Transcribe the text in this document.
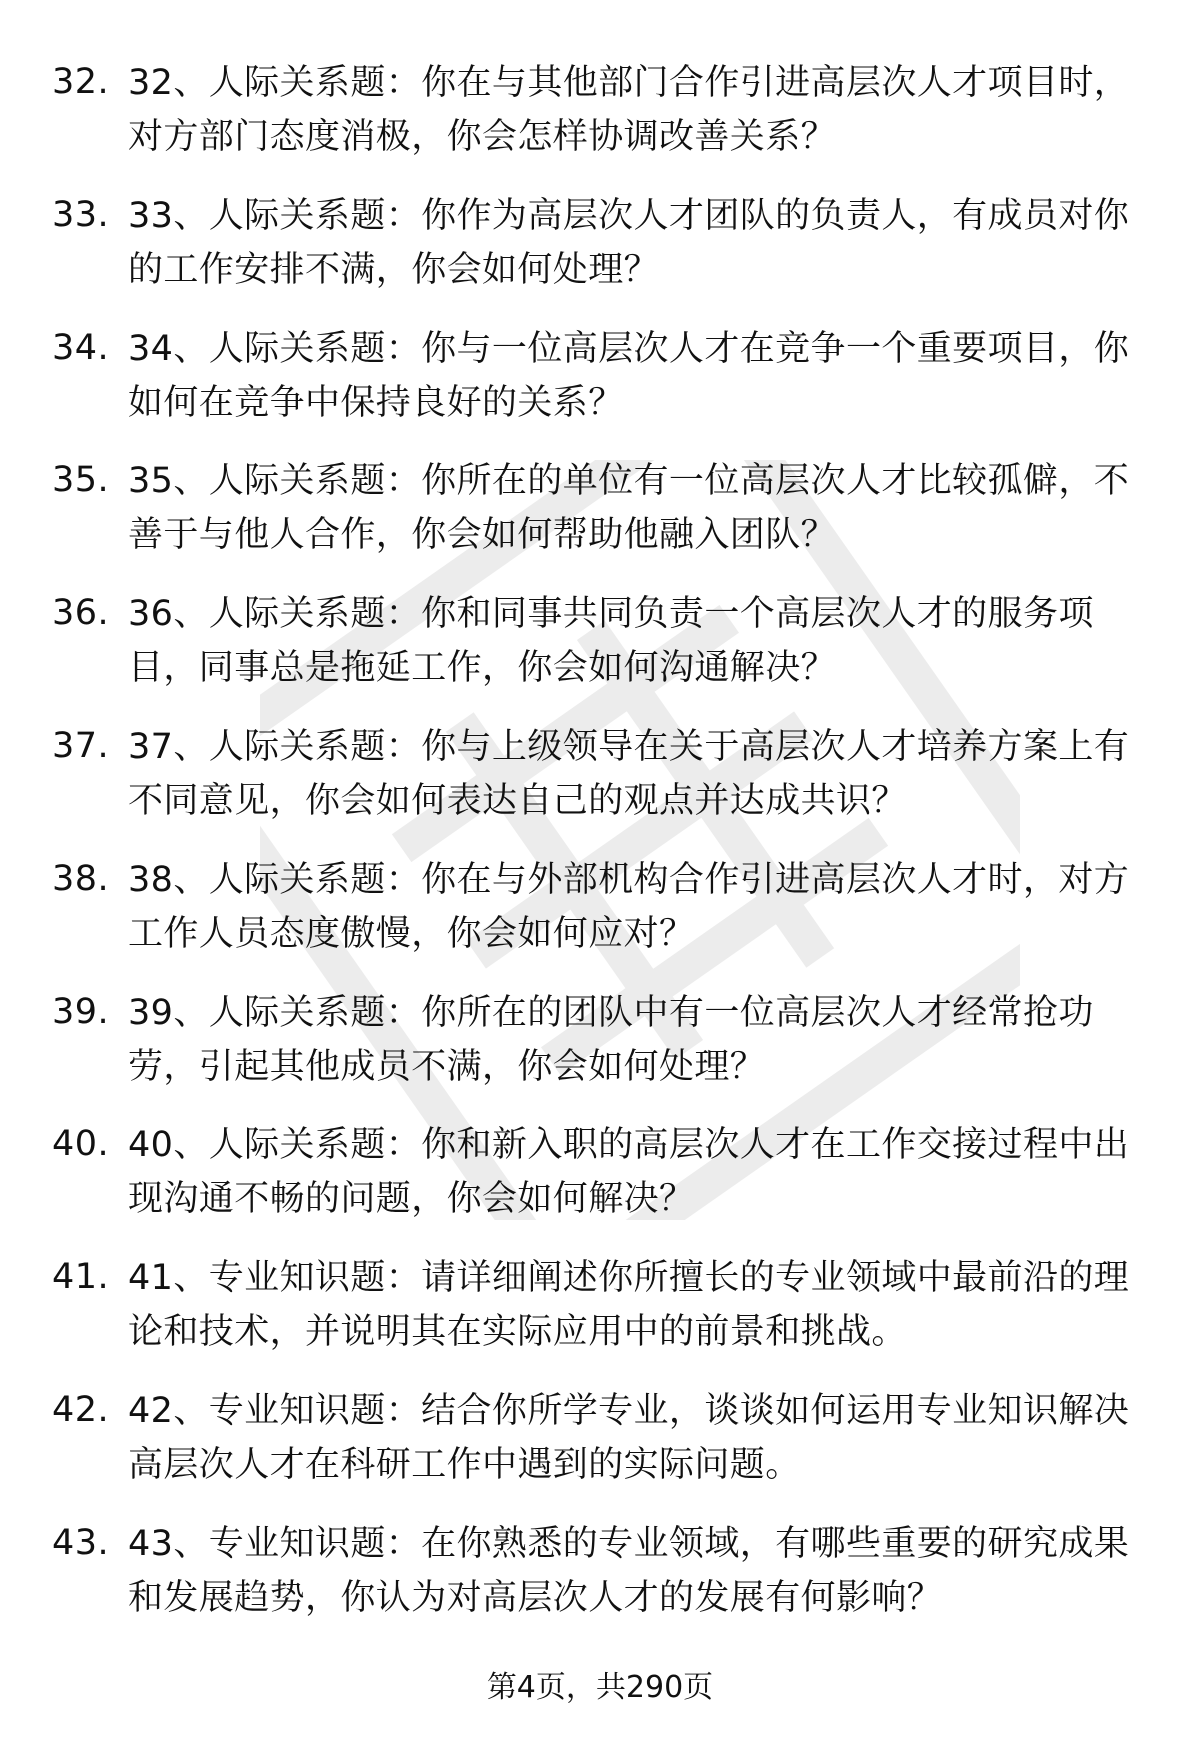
32. 32、人际关系题：你在与其他部门合作引进高层次人才项目时，对方部门态度消极，你会怎样协调改善关系？
33. 33、人际关系题：你作为高层次人才团队的负责人，有成员对你的工作安排不满，你会如何处理？
34. 34、人际关系题：你与一位高层次人才在竞争一个重要项目，你如何在竞争中保持良好的关系？
35. 35、人际关系题：你所在的单位有一位高层次人才比较孤僻，不善于与他人合作，你会如何帮助他融入团队？
36. 36、人际关系题：你和同事共同负责一个高层次人才的服务项目，同事总是拖延工作，你会如何沟通解决？
37. 37、人际关系题：你与上级领导在关于高层次人才培养方案上有不同意见，你会如何表达自己的观点并达成共识？
38. 38、人际关系题：你在与外部机构合作引进高层次人才时，对方工作人员态度傲慢，你会如何应对？
39. 39、人际关系题：你所在的团队中有一位高层次人才经常抢功劳，引起其他成员不满，你会如何处理？
40. 40、人际关系题：你和新入职的高层次人才在工作交接过程中出现沟通不畅的问题，你会如何解决？
41. 41、专业知识题：请详细阐述你所擅长的专业领域中最前沿的理论和技术，并说明其在实际应用中的前景和挑战。
42. 42、专业知识题：结合你所学专业，谈谈如何运用专业知识解决高层次人才在科研工作中遇到的实际问题。
43. 43、专业知识题：在你熟悉的专业领域，有哪些重要的研究成果和发展趋势，你认为对高层次人才的发展有何影响？
第4页，共290页
